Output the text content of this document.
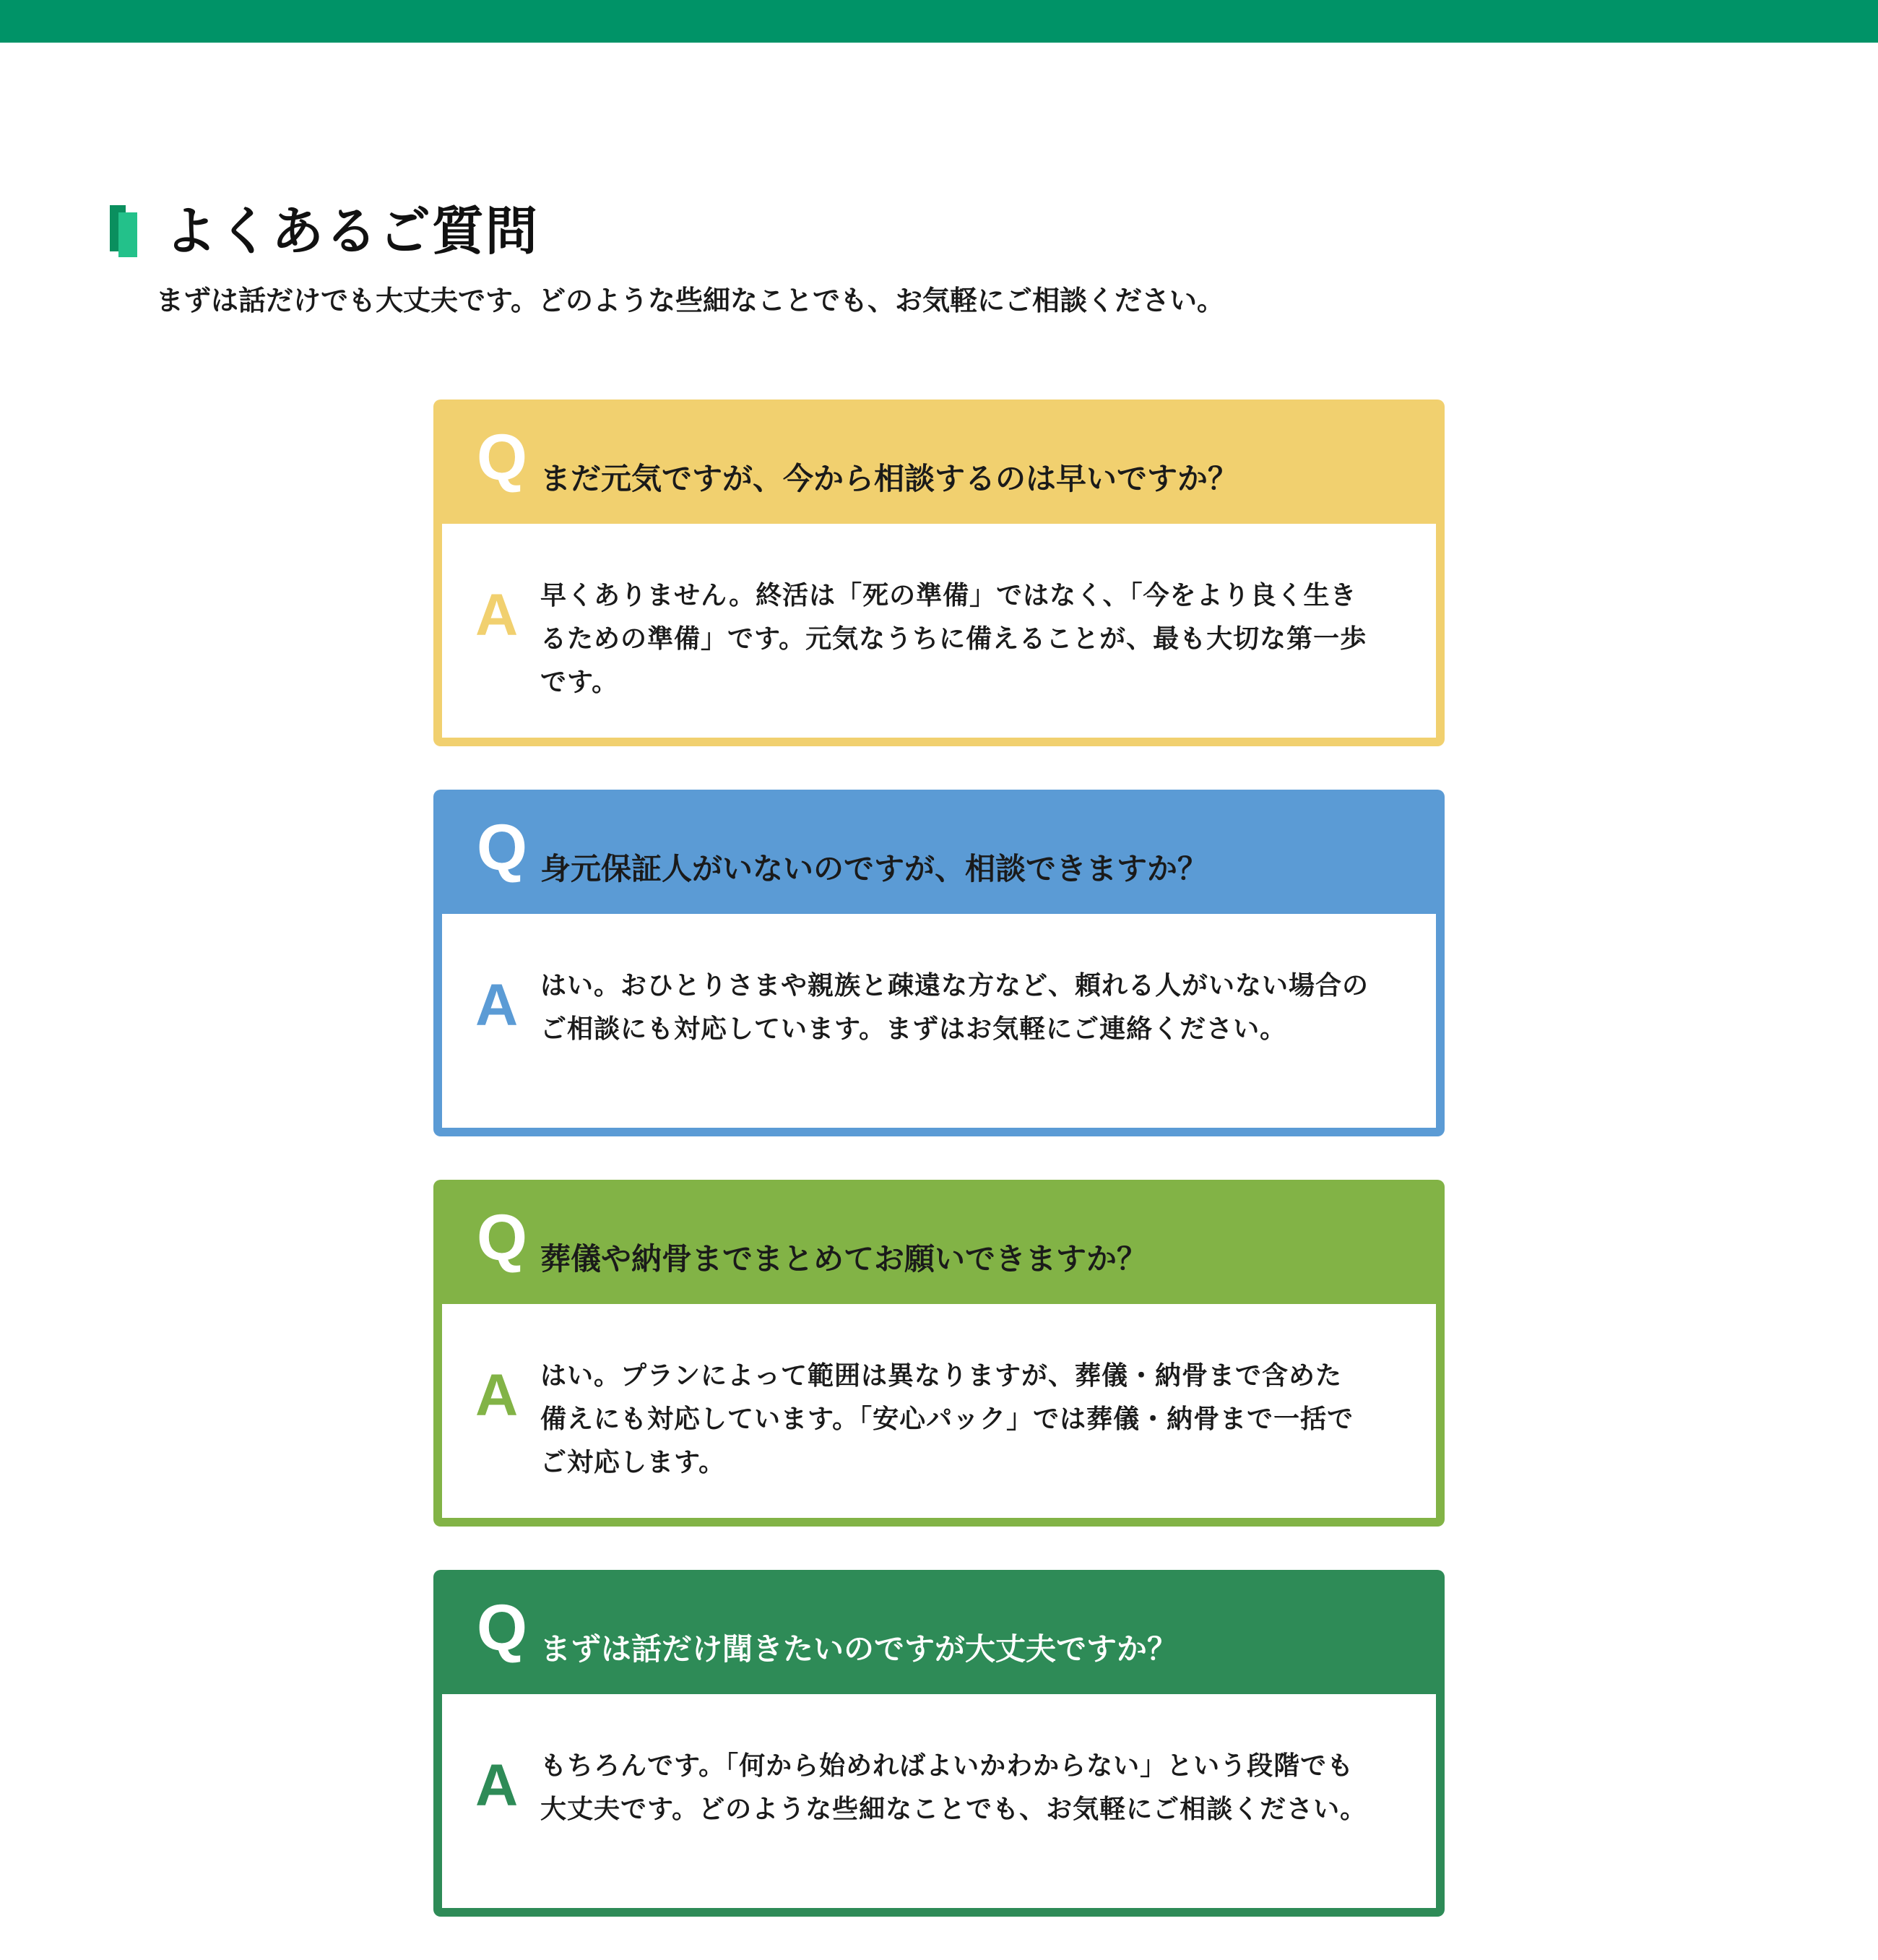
よくあるご質問
まずは話だけでも大丈夫です。どのような些細なことでも、お気軽にご相談ください。
Q まだ元気ですが、今から相談するのは早いですか？
A 早くありません。終活は「死の準備」ではなく、「今をより良く生き
るための準備」です。元気なうちに備えることが、最も大切な第一歩
です。
Q 身元保証人がいないのですが、相談できますか？
A はい。おひとりさまや親族と疎遠な方など、頼れる人がいない場合の
ご相談にも対応しています。まずはお気軽にご連絡ください。
Q 葬儀や納骨までまとめてお願いできますか？
A はい。プランによって範囲は異なりますが、葬儀・納骨まで含めた
備えにも対応しています。「安心パック」では葬儀・納骨まで一括で
ご対応します。
Q まずは話だけ聞きたいのですが大丈夫ですか？
A もちろんです。「何から始めればよいかわからない」という段階でも
大丈夫です。どのような些細なことでも、お気軽にご相談ください。
